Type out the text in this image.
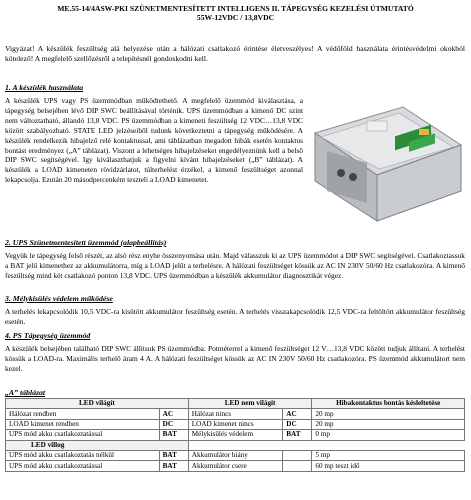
ME.55-14/4ASW-PKI SZÜNETMENTESÍTETT INTELLIGENS II. TÁPEGYSÉG KEZELÉSI ÚTMUTATÓ
55W-12VDC / 13,8VDC
Vigyázat! A készülék feszültség alá helyezése után a hálózati csatlakozó érintése életveszélyes! A védőföld használata érintésvédelmi okokból kötelező! A megfelelő szellőzésről a telepítésnél gondoskodni kell.
1. A készülék használata
A készülék UPS vagy PS üzemmódban működtethető. A megfelelő üzemmód kiválasztása, a tápegység belsejében lévő DIP SWC beállításával történik. UPS üzemmódban a kimenő DC szint nem változtatható, állandó 13,8 VDC. PS üzemmódban a kimeneti feszültség 12 VDC…13,8 VDC között szabályozható. STATE LED jelzéseiből tudunk következtetni a tápegység működésére. A készülék rendelkezik hibajelző relé kontaktussal, ami táblázatban megadott hibák esetén kontaktus bontást eredményez („A” táblázat). Viszont a lehetséges hibajelzéseket engedélyeznünk kell a belső DIP SWC segítségével. Igy kiválaszthatjuk a figyelni kívánt hibajelzéseket („B” táblázat). A készülék a LOAD kimeneten rövidzárlatot, túlterhelést érzékel, a kimenő feszültséget azonnal lekapcsolja. Ezután 20 másodpercenként teszteli a LOAD kimenetet.
2. UPS Szünetmentesített üzemmód (alapbeállítás)
Vegyük le tápegység felső részét, az alsó rész enyhe összenyomása után. Majd válasszuk ki az UPS üzemmódot a DIP SWC segítségével. Csatlakoztassuk a BAT jelű kimenethez az akkumulátorra, míg a LOAD jelűt a terhelésre. A hálózati feszültséget kössük az AC IN 230V 50/60 Hz csatlakozóra. A kimenő feszültség mind két csatlakozó ponton 13,8 VDC. UPS üzemmódban a készülék akkumulátor diagnosztikát végez.
3. Mélykisülés védelem működése
A terhelés lekapcsolódik 10,5 VDC-ra kisütött akkumulátor feszültség esetén. A terhelés visszakapcsolódik 12,5 VDC-ra feltöltött akkumulátor feszültség esetén.
4. PS Tápegység üzemmód
A készülék belsejében található DIP SWC állítsuk PS üzemmódba. Potméterrel a kimenő feszültséget 12 V…13,8 VDC között tudjuk állítani. A terhelést kössük a LOAD-ra. Maximális terhelő áram 4 A. A hálózati feszültséget kössük az AC IN 230V 50/60 Hz csatlakozóra. PS üzemmód akkumulátort nem kezel.
„A” táblázat
LED világít		LED nem világít		Hibakontaktus bontás késleltetése
Hálózat rendben	AC	Hálózat nincs	AC	20 mp
LOAD kimenet rendben	DC	LOAD kimenet nincs	DC	20 mp
UPS mód akku csatlakoztatással	BAT	Mélykisülés védelem	BAT	0 mp
LED villog				
UPS mód akku csatlakoztatás nélkül	BAT	Akkumulátor hiány		5 mp
UPS mód akku csatlakoztatással	BAT	Akkumulátor csere		60 mp teszt idő
